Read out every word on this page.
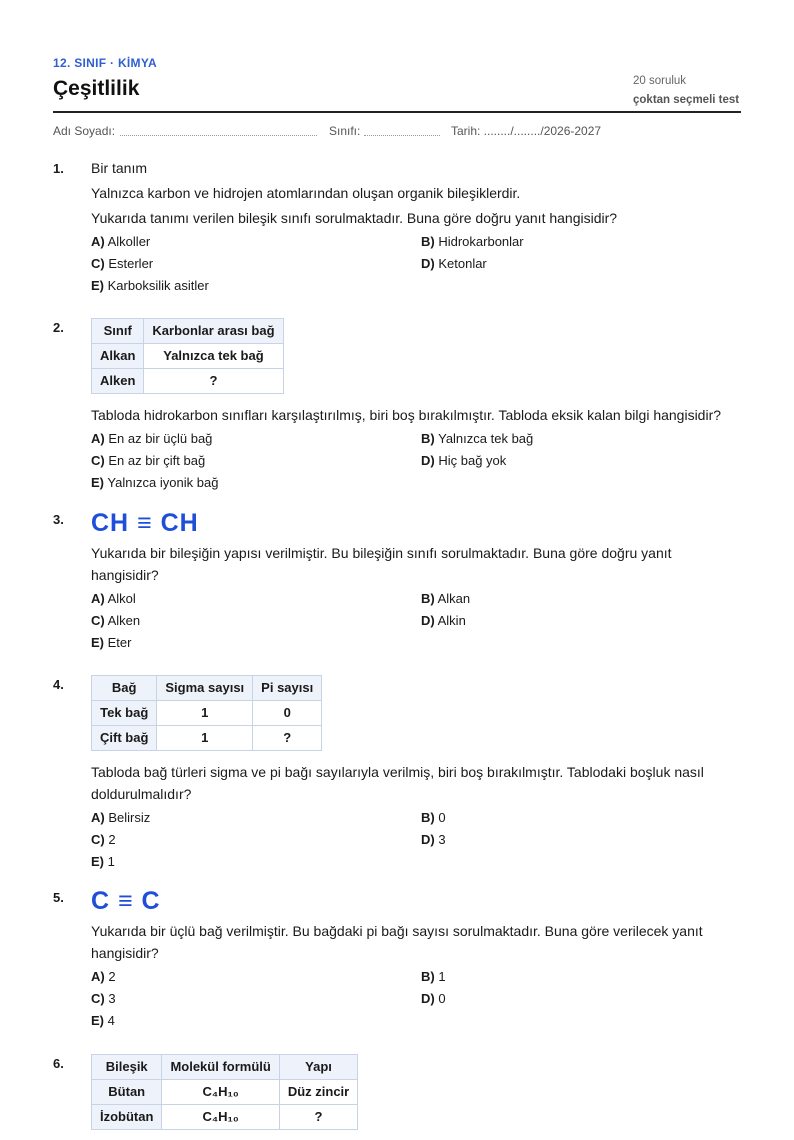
12. SINIF · KİMYA
Çeşitlilik	20 soruluk
çoktan seçmeli test
Adı Soyadı:	Sınıfı:	Tarih: ......../......../2026-2027
1. Bir tanım

Yalnızca karbon ve hidrojen atomlarından oluşan organik bileşiklerdir.

Yukarıda tanımı verilen bileşik sınıfı sorulmaktadır. Buna göre doğru yanıt hangisidir?

A) Alkoller	B) Hidrokarbonlar
C) Esterler	D) Ketonlar
E) Karboksilik asitler
2.	Sınıf	Karbonlar arası bağ
Alkan	Yalnızca tek bağ
Alken	?

Tabloda hidrokarbon sınıfları karşılaştırılmış, biri boş bırakılmıştır. Tabloda eksik kalan bilgi hangisidir?

A) En az bir üçlü bağ	B) Yalnızca tek bağ
C) En az bir çift bağ	D) Hiç bağ yok
E) Yalnızca iyonik bağ
3. CH ≡ CH

Yukarıda bir bileşiğin yapısı verilmiştir. Bu bileşiğin sınıfı sorulmaktadır. Buna göre doğru yanıt hangisidir?

A) Alkol	B) Alkan
C) Alken	D) Alkin
E) Eter
4.	Bağ	Sigma sayısı	Pi sayısı
Tek bağ	1	0
Çift bağ	1	?

Tabloda bağ türleri sigma ve pi bağı sayılarıyla verilmiş, biri boş bırakılmıştır. Tablodaki boşluk nasıl doldurulmalıdır?

A) Belirsiz	B) 0
C) 2	D) 3
E) 1
5. C ≡ C

Yukarıda bir üçlü bağ verilmiştir. Bu bağdaki pi bağı sayısı sorulmaktadır. Buna göre verilecek yanıt hangisidir?

A) 2	B) 1
C) 3	D) 0
E) 4
6.	Bileşik	Molekül formülü	Yapı
Bütan	C₄H₁₀	Düz zincir
İzobütan	C₄H₁₀	?
